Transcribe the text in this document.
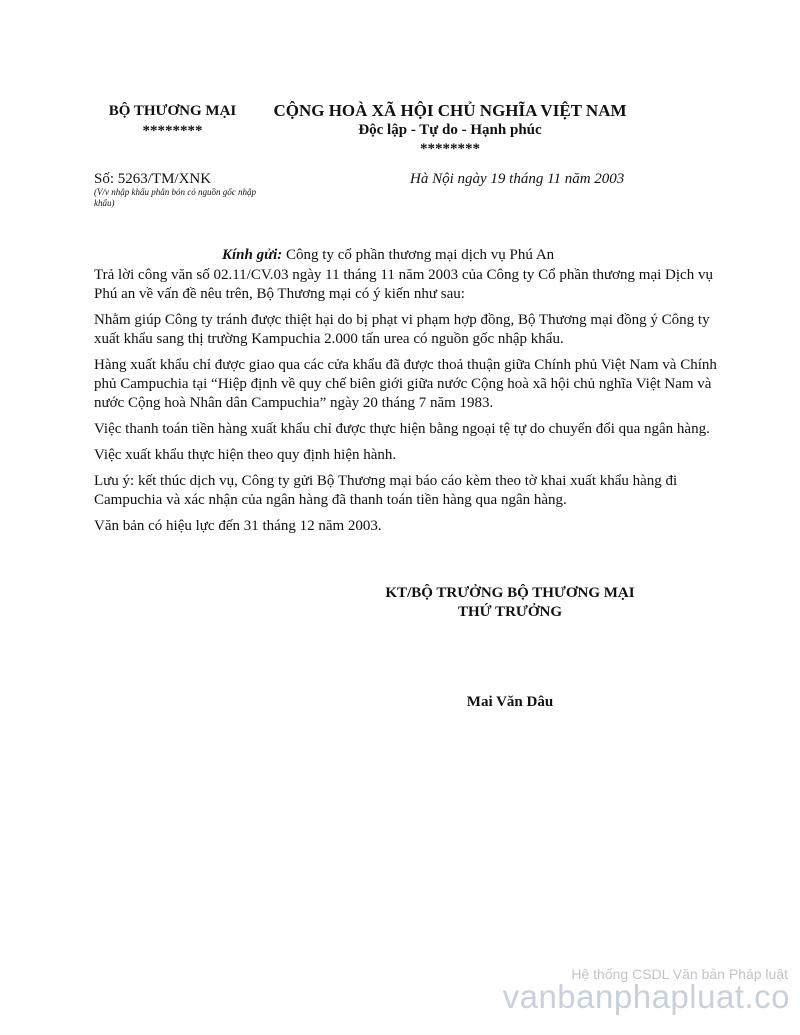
BỘ THƯƠNG MẠI
********
CỘNG HOÀ XÃ HỘI CHỦ NGHĨA VIỆT NAM
Độc lập - Tự do - Hạnh phúc
********
Số: 5263/TM/XNK
(V/v nhập khẩu phân bón có nguồn gốc nhập khẩu)
Hà Nội ngày 19 tháng 11 năm 2003
Kính gửi: Công ty cổ phần thương mại dịch vụ Phú An

Trả lời công văn số 02.11/CV.03 ngày 11 tháng 11 năm 2003 của Công ty Cổ phần thương mại Dịch vụ Phú an về vấn đề nêu trên, Bộ Thương mại có ý kiến như sau:

Nhằm giúp Công ty tránh được thiệt hại do bị phạt vi phạm hợp đồng, Bộ Thương mại đồng ý Công ty xuất khẩu sang thị trường Kampuchia 2.000 tấn urea có nguồn gốc nhập khẩu.

Hàng xuất khẩu chỉ được giao qua các cửa khẩu đã được thoả thuận giữa Chính phủ Việt Nam và Chính phủ Campuchia tại “Hiệp định về quy chế biên giới giữa nước Cộng hoà xã hội chủ nghĩa Việt Nam và nước Cộng hoà Nhân dân Campuchia” ngày 20 tháng 7 năm 1983.

Việc thanh toán tiền hàng xuất khẩu chỉ được thực hiện bằng ngoại tệ tự do chuyển đổi qua ngân hàng.

Việc xuất khẩu thực hiện theo quy định hiện hành.

Lưu ý: kết thúc dịch vụ, Công ty gửi Bộ Thương mại báo cáo kèm theo tờ khai xuất khẩu hàng đi Campuchia và xác nhận của ngân hàng đã thanh toán tiền hàng qua ngân hàng.

Văn bản có hiệu lực đến 31 tháng 12 năm 2003.

KT/BỘ TRƯỞNG BỘ THƯƠNG MẠI
THỨ TRƯỞNG
Mai Văn Dâu
Hệ thống CSDL Văn bản Pháp luật
vanbanphapluat.co
